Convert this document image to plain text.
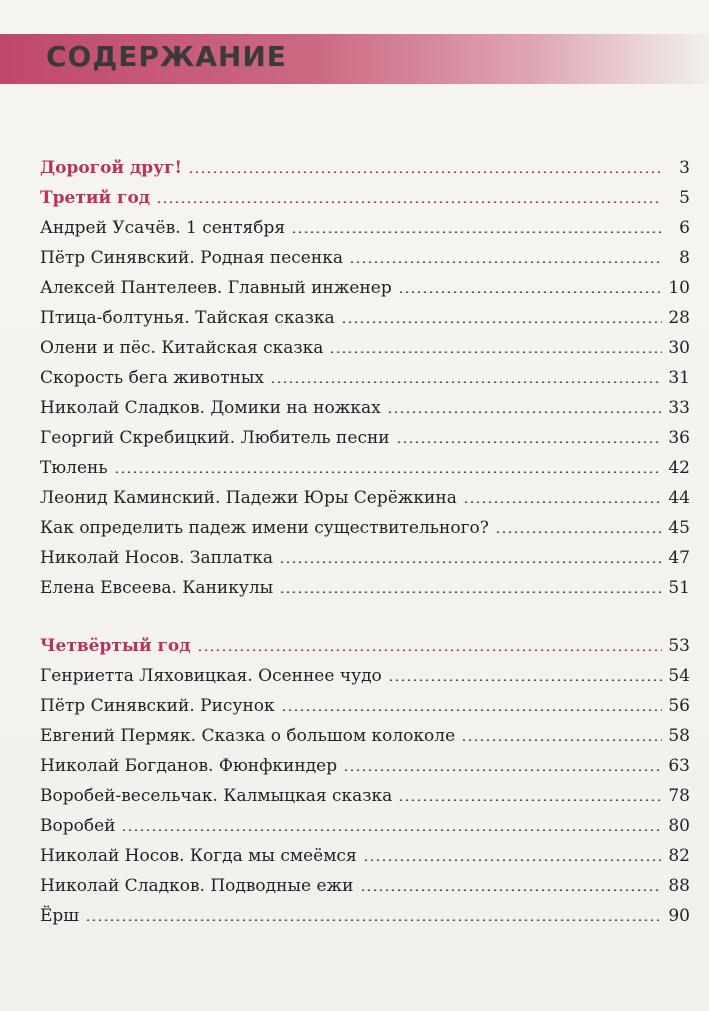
СОДЕРЖАНИЕ
Дорогой друг!	3
Третий год	5
Андрей Усачёв. 1 сентября	6
Пётр Синявский. Родная песенка	8
Алексей Пантелеев. Главный инженер	10
Птица-болтунья. Тайская сказка	28
Олени и пёс. Китайская сказка	30
Скорость бега животных	31
Николай Сладков. Домики на ножках	33
Георгий Скребицкий. Любитель песни	36
Тюлень	42
Леонид Каминский. Падежи Юры Серёжкина	44
Как определить падеж имени существительного?	45
Николай Носов. Заплатка	47
Елена Евсеева. Каникулы	51
Четвёртый год	53
Генриетта Ляховицкая. Осеннее чудо	54
Пётр Синявский. Рисунок	56
Евгений Пермяк. Сказка о большом колоколе	58
Николай Богданов. Фюнфкиндер	63
Воробей-весельчак. Калмыцкая сказка	78
Воробей	80
Николай Носов. Когда мы смеёмся	82
Николай Сладков. Подводные ежи	88
Ёрш	90
